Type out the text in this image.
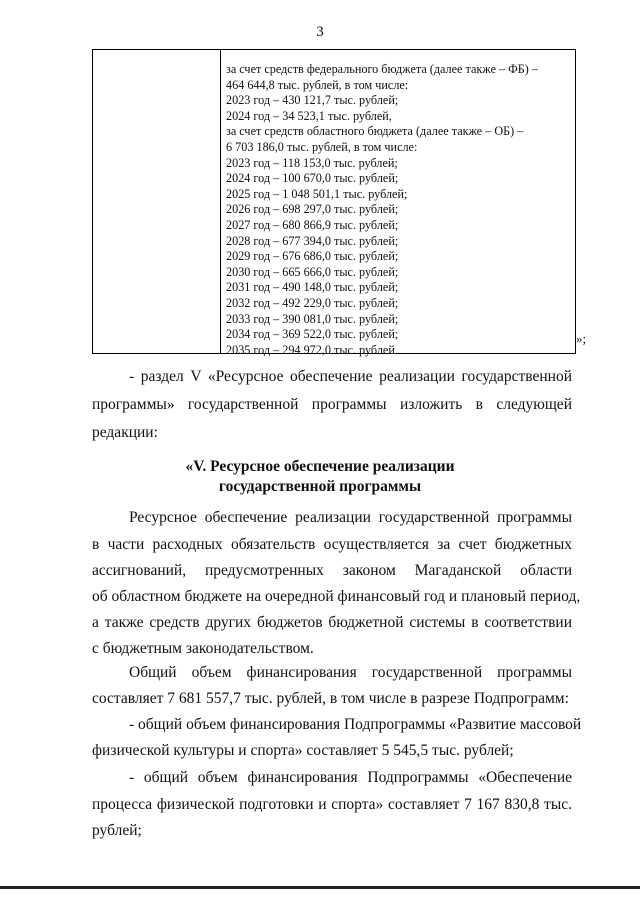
3
за счет средств федерального бюджета (далее также – ФБ) –
464 644,8 тыс. рублей, в том числе:
2023 год – 430 121,7 тыс. рублей;
2024 год – 34 523,1 тыс. рублей,
за счет средств областного бюджета (далее также – ОБ) –
6 703 186,0 тыс. рублей, в том числе:
2023 год – 118 153,0 тыс. рублей;
2024 год – 100 670,0 тыс. рублей;
2025 год – 1 048 501,1 тыс. рублей;
2026 год – 698 297,0 тыс. рублей;
2027 год – 680 866,9 тыс. рублей;
2028 год – 677 394,0 тыс. рублей;
2029 год – 676 686,0 тыс. рублей;
2030 год – 665 666,0 тыс. рублей;
2031 год – 490 148,0 тыс. рублей;
2032 год – 492 229,0 тыс. рублей;
2033 год – 390 081,0 тыс. рублей;
2034 год – 369 522,0 тыс. рублей;
2035 год – 294 972,0 тыс. рублей
»;
- раздел V «Ресурсное обеспечение реализации государственной
программы» государственной программы изложить в следующей
редакции:
«V. Ресурсное обеспечение реализации
государственной программы
Ресурсное обеспечение реализации государственной программы
в части расходных обязательств осуществляется за счет бюджетных
ассигнований, предусмотренных законом Магаданской области
об областном бюджете на очередной финансовый год и плановый период,
а также средств других бюджетов бюджетной системы в соответствии
с бюджетным законодательством.
Общий объем финансирования государственной программы
составляет 7 681 557,7 тыс. рублей, в том числе в разрезе Подпрограмм:
- общий объем финансирования Подпрограммы «Развитие массовой
физической культуры и спорта» составляет 5 545,5 тыс. рублей;
- общий объем финансирования Подпрограммы «Обеспечение
процесса физической подготовки и спорта» составляет 7 167 830,8 тыс.
рублей;
